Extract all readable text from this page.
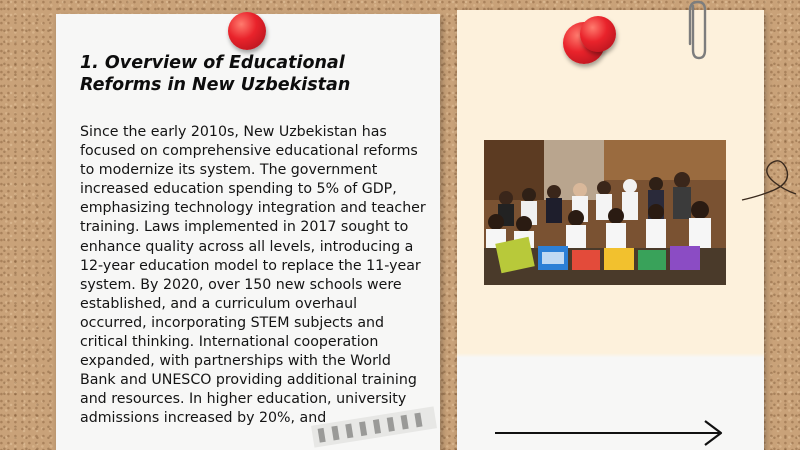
1. Overview of Educational Reforms in New Uzbekistan

Since the early 2010s, New Uzbekistan has focused on comprehensive educational reforms to modernize its system. The government increased education spending to 5% of GDP, emphasizing technology integration and teacher training. Laws implemented in 2017 sought to enhance quality across all levels, introducing a 12-year education model to replace the 11-year system. By 2020, over 150 new schools were established, and a curriculum overhaul occurred, incorporating STEM subjects and critical thinking. International cooperation expanded, with partnerships with the World Bank and UNESCO providing additional training and resources. In higher education, university admissions increased by 20%, and
